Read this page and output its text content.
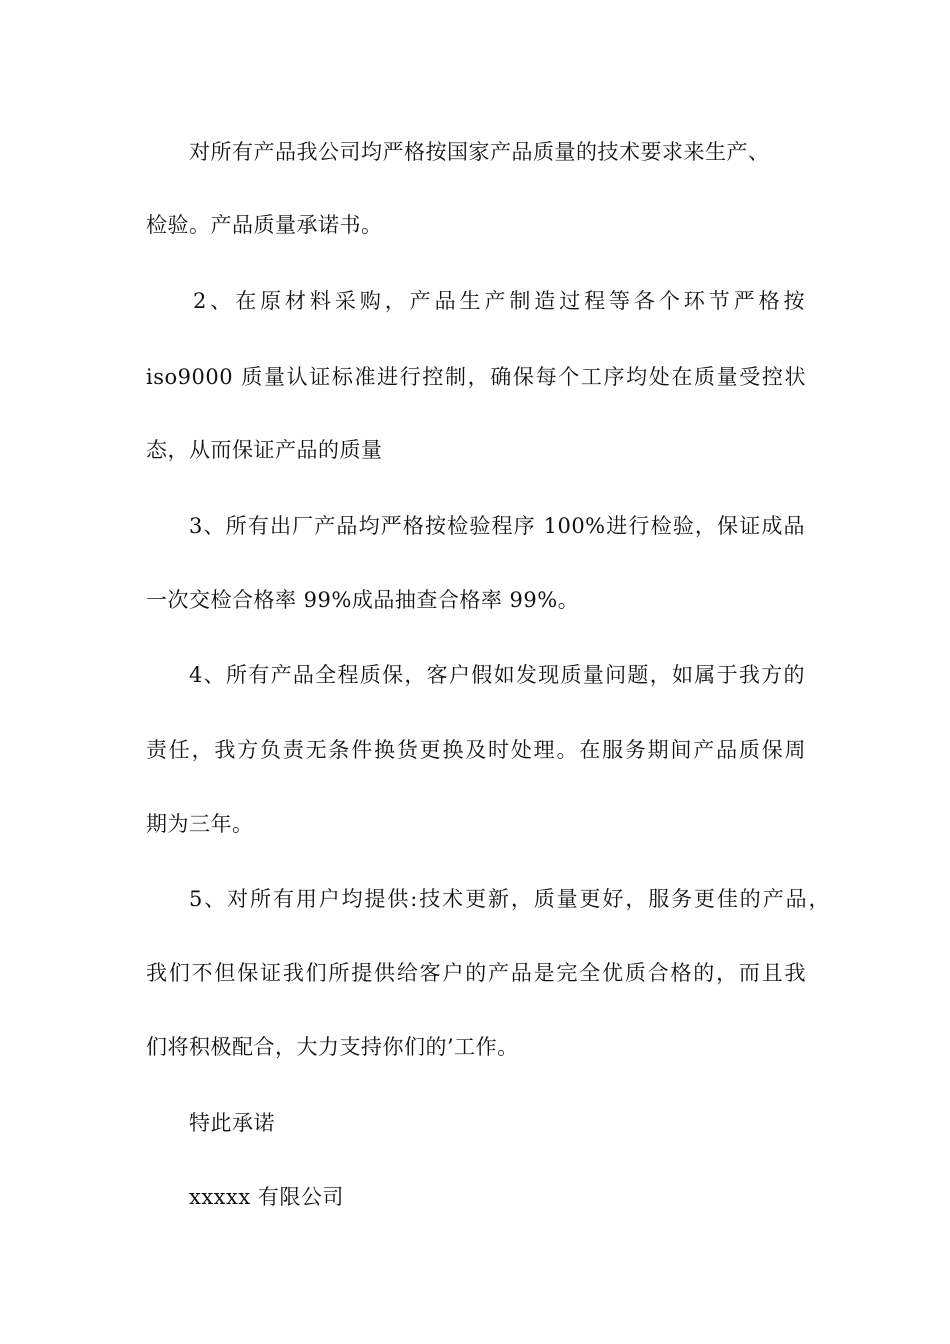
对所有产品我公司均严格按国家产品质量的技术要求来生产、
检验。产品质量承诺书。
2、在原材料采购，产品生产制造过程等各个环节严格按
iso9000 质量认证标准进行控制，确保每个工序均处在质量受控状
态，从而保证产品的质量
3、所有出厂产品均严格按检验程序 100%进行检验，保证成品
一次交检合格率 99%成品抽查合格率 99%。
4、所有产品全程质保，客户假如发现质量问题，如属于我方的
责任，我方负责无条件换货更换及时处理。在服务期间产品质保周
期为三年。
5、对所有用户均提供:技术更新，质量更好，服务更佳的产品，
我们不但保证我们所提供给客户的产品是完全优质合格的，而且我
们将积极配合，大力支持你们的’工作。
特此承诺
xxxxx 有限公司
